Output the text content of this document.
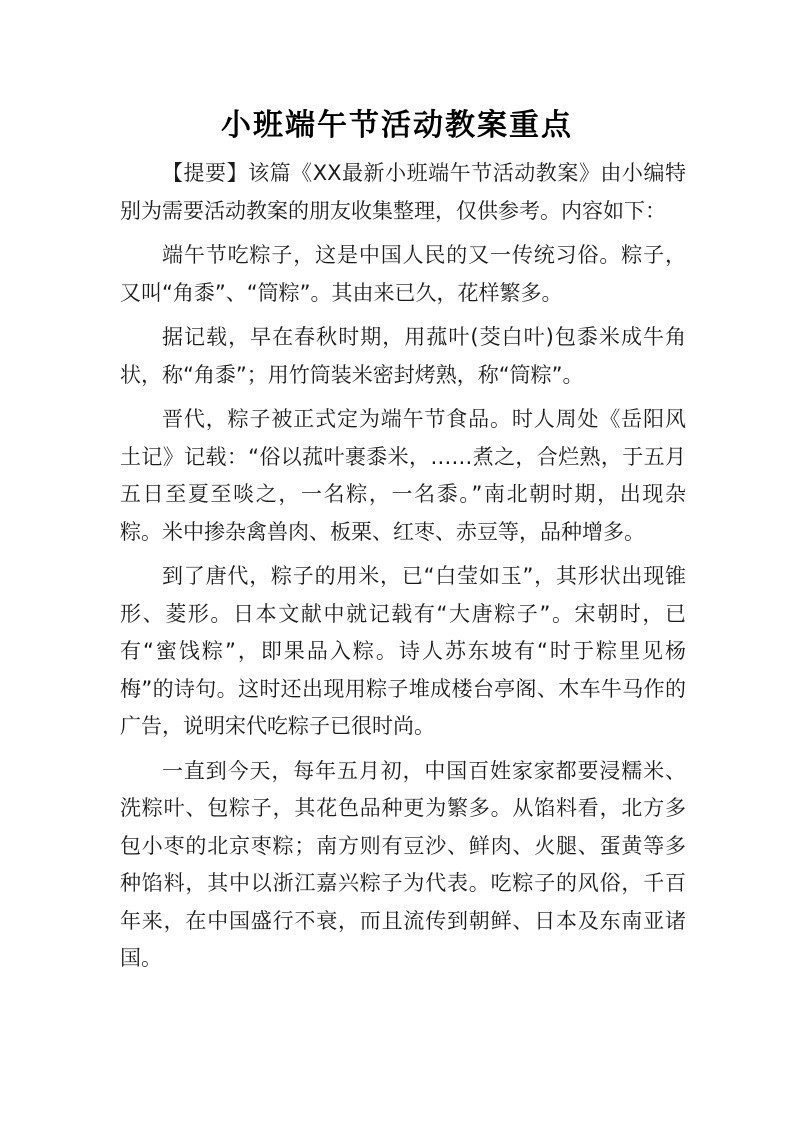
小班端午节活动教案重点

【提要】该篇《XX最新小班端午节活动教案》由小编特别为需要活动教案的朋友收集整理，仅供参考。内容如下：

端午节吃粽子，这是中国人民的又一传统习俗。粽子，又叫“角黍”、“筒粽”。其由来已久，花样繁多。

据记载，早在春秋时期，用菰叶(茭白叶)包黍米成牛角状，称“角黍”；用竹筒装米密封烤熟，称“筒粽”。

晋代，粽子被正式定为端午节食品。时人周处《岳阳风土记》记载：“俗以菰叶裹黍米，……煮之，合烂熟，于五月五日至夏至啖之，一名粽，一名黍。”南北朝时期，出现杂粽。米中掺杂禽兽肉、板栗、红枣、赤豆等，品种增多。

到了唐代，粽子的用米，已“白莹如玉”，其形状出现锥形、菱形。日本文献中就记载有“大唐粽子”。宋朝时，已有“蜜饯粽”，即果品入粽。诗人苏东坡有“时于粽里见杨梅”的诗句。这时还出现用粽子堆成楼台亭阁、木车牛马作的广告，说明宋代吃粽子已很时尚。

一直到今天，每年五月初，中国百姓家家都要浸糯米、洗粽叶、包粽子，其花色品种更为繁多。从馅料看，北方多包小枣的北京枣粽；南方则有豆沙、鲜肉、火腿、蛋黄等多种馅料，其中以浙江嘉兴粽子为代表。吃粽子的风俗，千百年来，在中国盛行不衰，而且流传到朝鲜、日本及东南亚诸国。
